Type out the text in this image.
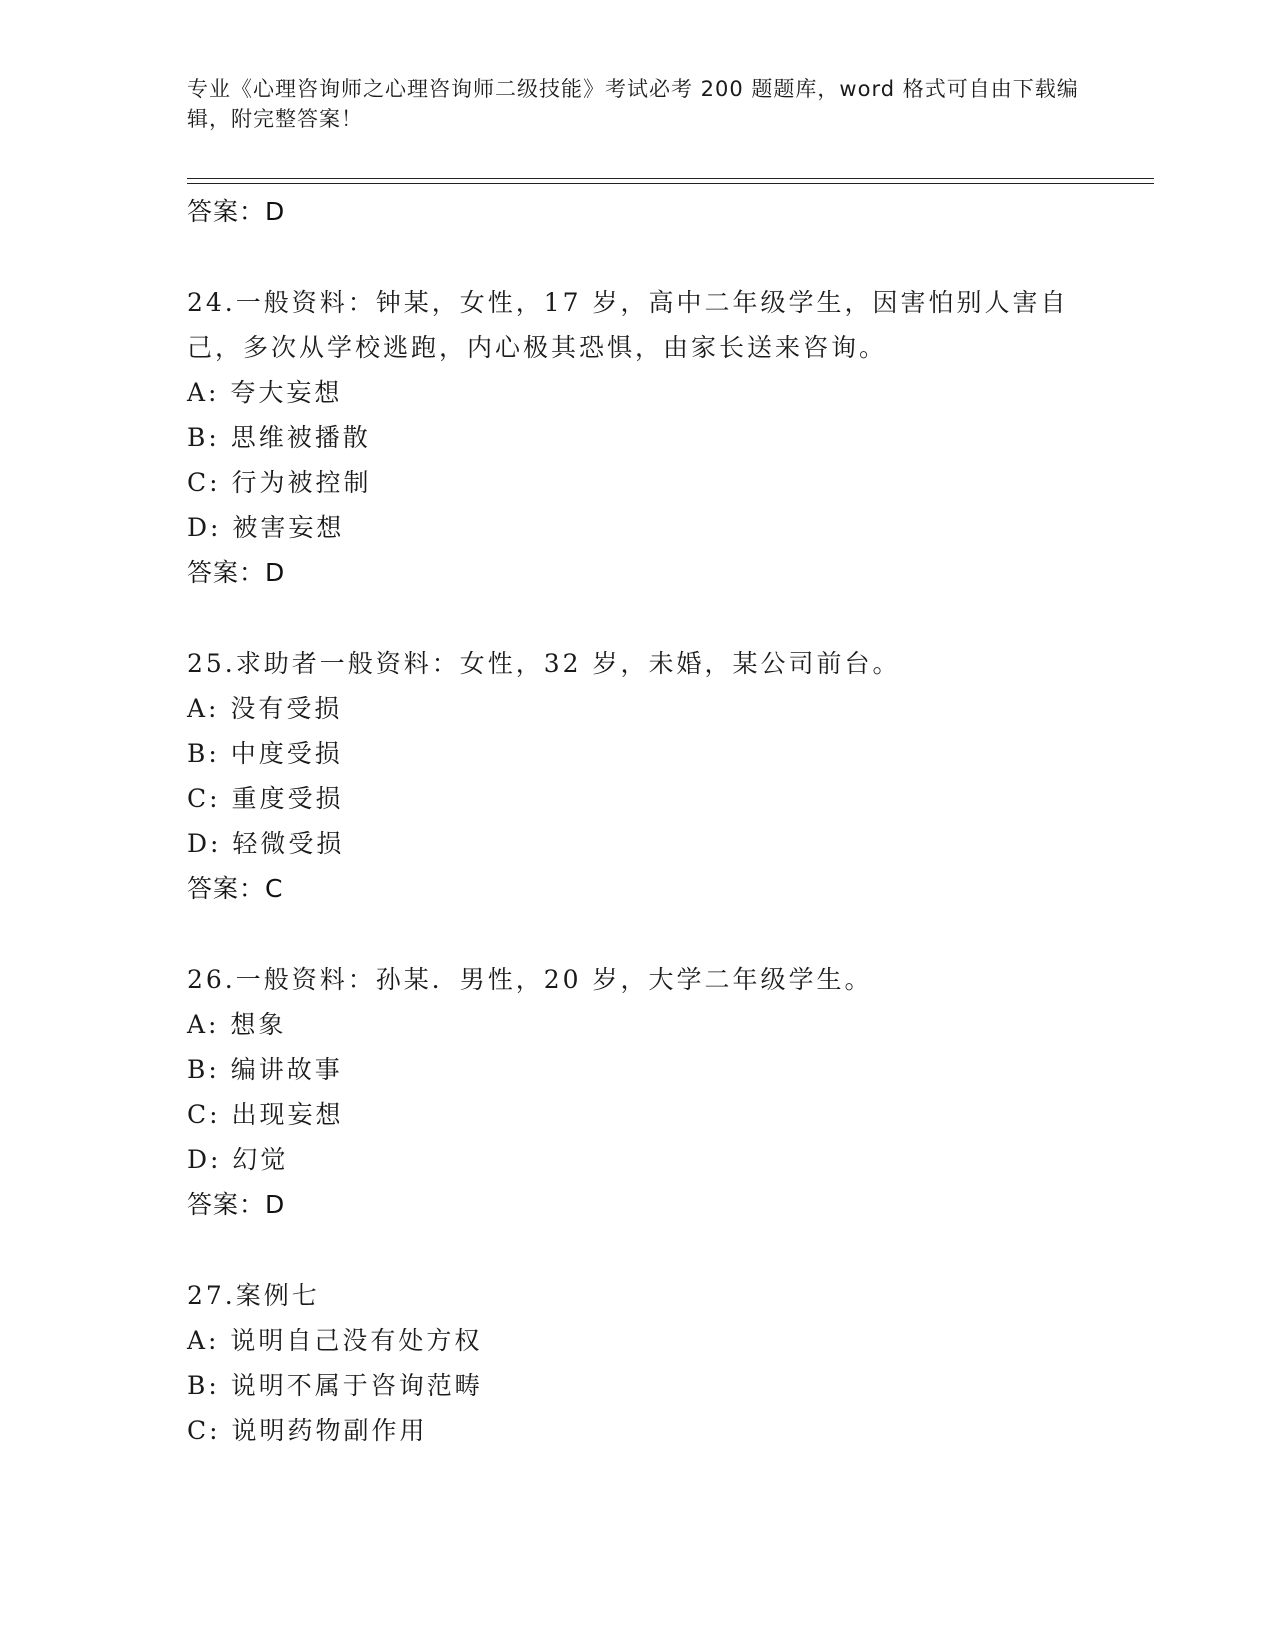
专业《心理咨询师之心理咨询师二级技能》考试必考 200 题题库，word 格式可自由下载编辑，附完整答案！
答案：D
24.一般资料：钟某，女性，17 岁，高中二年级学生，因害怕别人害自己，多次从学校逃跑，内心极其恐惧，由家长送来咨询。
A: 夸大妄想
B: 思维被播散
C: 行为被控制
D: 被害妄想
答案：D
25.求助者一般资料：女性，32 岁，未婚，某公司前台。
A: 没有受损
B: 中度受损
C: 重度受损
D: 轻微受损
答案：C
26.一般资料：孙某．男性，20 岁，大学二年级学生。
A: 想象
B: 编讲故事
C: 出现妄想
D: 幻觉
答案：D
27.案例七
A: 说明自己没有处方权
B: 说明不属于咨询范畴
C: 说明药物副作用
